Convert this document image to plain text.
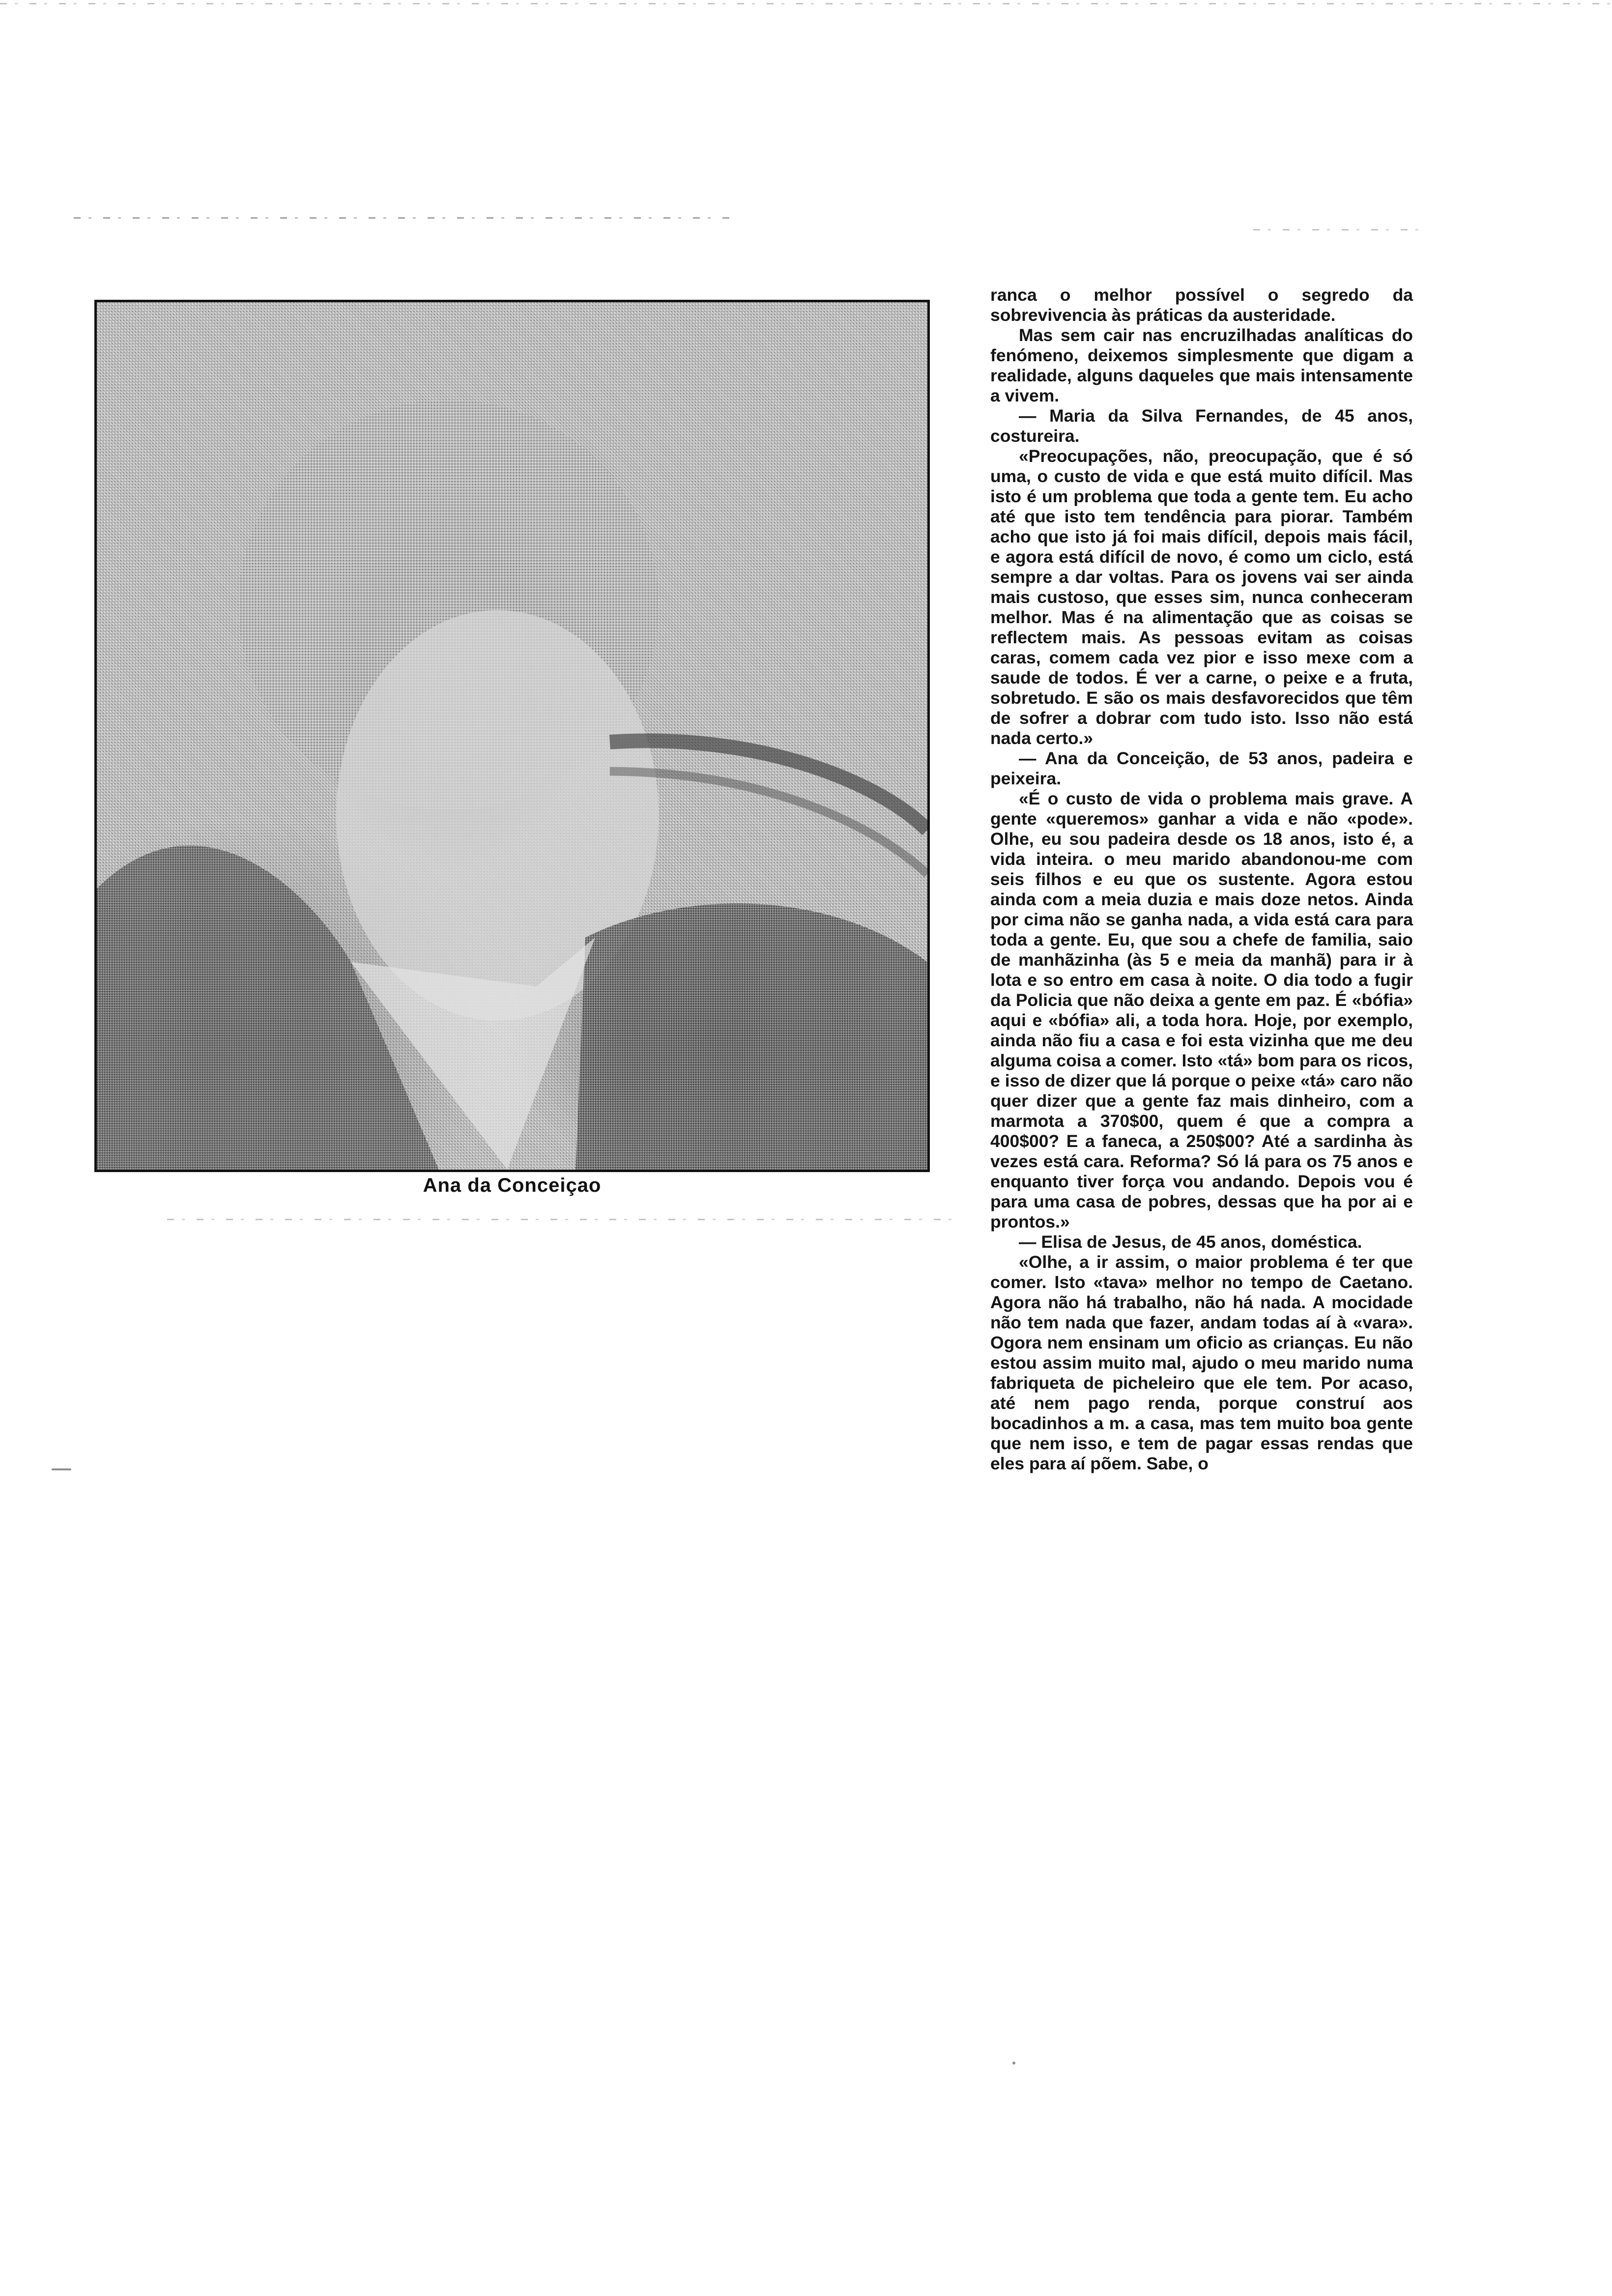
Ana da Conceiçao

ranca o melhor possível o segredo da sobrevivencia às práticas da austeridade.

Mas sem cair nas encruzilhadas analíticas do fenómeno, deixemos simplesmente que digam a realidade, alguns daqueles que mais intensamente a vivem.

— Maria da Silva Fernandes, de 45 anos, costureira.

«Preocupações, não, preocupação, que é só uma, o custo de vida e que está muito difícil. Mas isto é um problema que toda a gente tem. Eu acho até que isto tem tendência para piorar. Também acho que isto já foi mais difícil, depois mais fácil, e agora está difícil de novo, é como um ciclo, está sempre a dar voltas. Para os jovens vai ser ainda mais custoso, que esses sim, nunca conheceram melhor. Mas é na alimentação que as coisas se reflectem mais. As pessoas evitam as coisas caras, comem cada vez pior e isso mexe com a saude de todos. É ver a carne, o peixe e a fruta, sobretudo. E são os mais desfavorecidos que têm de sofrer a dobrar com tudo isto. Isso não está nada certo.»

— Ana da Conceição, de 53 anos, padeira e peixeira.

«É o custo de vida o problema mais grave. A gente «queremos» ganhar a vida e não «pode». Olhe, eu sou padeira desde os 18 anos, isto é, a vida inteira. o meu marido abandonou-me com seis filhos e eu que os sustente. Agora estou ainda com a meia duzia e mais doze netos. Ainda por cima não se ganha nada, a vida está cara para toda a gente. Eu, que sou a chefe de familia, saio de manhãzinha (às 5 e meia da manhã) para ir à lota e so entro em casa à noite. O dia todo a fugir da Policia que não deixa a gente em paz. É «bófia» aqui e «bófia» ali, a toda hora. Hoje, por exemplo, ainda não fiu a casa e foi esta vizinha que me deu alguma coisa a comer. Isto «tá» bom para os ricos, e isso de dizer que lá porque o peixe «tá» caro não quer dizer que a gente faz mais dinheiro, com a marmota a 370$00, quem é que a compra a 400$00? E a faneca, a 250$00? Até a sardinha às vezes está cara. Reforma? Só lá para os 75 anos e enquanto tiver força vou andando. Depois vou é para uma casa de pobres, dessas que ha por ai e prontos.»

— Elisa de Jesus, de 45 anos, doméstica.

«Olhe, a ir assim, o maior problema é ter que comer. Isto «tava» melhor no tempo de Caetano. Agora não há trabalho, não há nada. A mocidade não tem nada que fazer, andam todas aí à «vara». Ogora nem ensinam um oficio as crianças. Eu não estou assim muito mal, ajudo o meu marido numa fabriqueta de picheleiro que ele tem. Por acaso, até nem pago renda, porque construí aos bocadinhos a m. a casa, mas tem muito boa gente que nem isso, e tem de pagar essas rendas que eles para aí põem. Sabe, o
